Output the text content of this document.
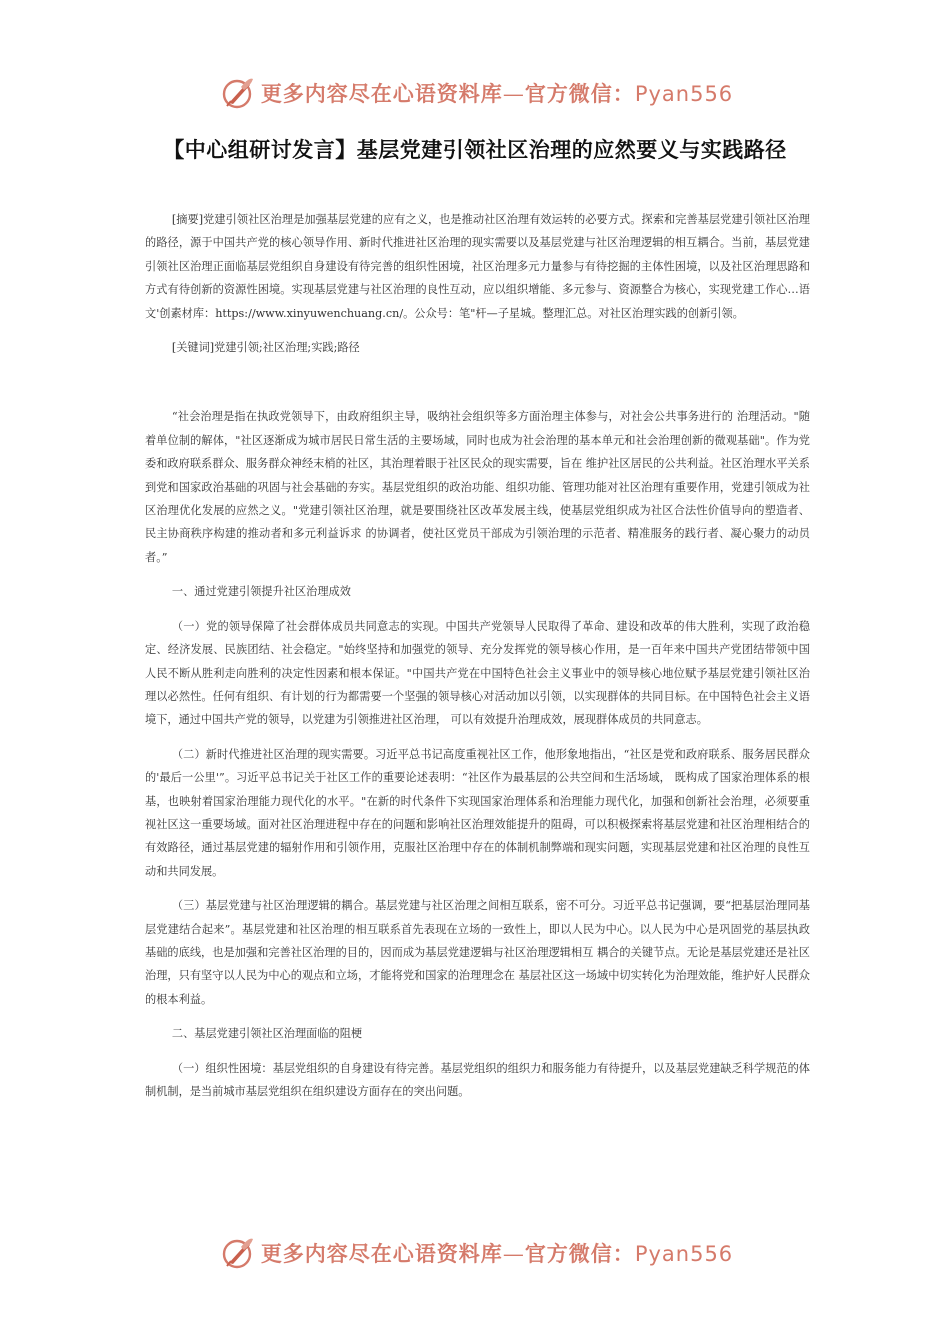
更多内容尽在心语资料库—官方微信：Pyan556
【中心组研讨发言】基层党建引领社区治理的应然要义与实践路径

[摘要]党建引领社区治理是加强基层党建的应有之义，也是推动社区治理有效运转的必要方式。探索和完善基层党建引领社区治理的路径，源于中国共产党的核心领导作用、新时代推进社区治理的现实需要以及基层党建与社区治理逻辑的相互耦合。当前，基层党建引领社区治理正面临基层党组织自身建设有待完善的组织性困境，社区治理多元力量参与有待挖掘的主体性困境，以及社区治理思路和方式有待创新的资源性困境。实现基层党建与社区治理的良性互动，应以组织增能、多元参与、资源整合为核心，实现党建工作心…语文'创素材库：https://www.xinyuwenchuang.cn/。公众号：笔"杆—子星城。整理汇总。对社区治理实践的创新引领。

[关键词]党建引领;社区治理;实践;路径

“社会治理是指在执政党领导下，由政府组织主导，吸纳社会组织等多方面治理主体参与，对社会公共事务进行的 治理活动。"随着单位制的解体，"社区逐渐成为城市居民日常生活的主要场域，同时也成为社会治理的基本单元和社会治理创新的微观基础"。作为党委和政府联系群众、服务群众神经末梢的社区，其治理着眼于社区民众的现实需要，旨在 维护社区居民的公共利益。社区治理水平关系到党和国家政治基础的巩固与社会基础的夯实。基层党组织的政治功能、组织功能、管理功能对社区治理有重要作用，党建引领成为社区治理优化发展的应然之义。"党建引领社区治理，就是要围绕社区改革发展主线，使基层党组织成为社区合法性价值导向的塑造者、民主协商秩序构建的推动者和多元利益诉求 的协调者，使社区党员干部成为引领治理的示范者、精准服务的践行者、凝心聚力的动员者。”

一、通过党建引领提升社区治理成效

（一）党的领导保障了社会群体成员共同意志的实现。中国共产党领导人民取得了革命、建设和改革的伟大胜利，实现了政治稳定、经济发展、民族团结、社会稳定。"始终坚持和加强党的领导、充分发挥党的领导核心作用，是一百年来中国共产党团结带领中国人民不断从胜利走向胜利的决定性因素和根本保证。"中国共产党在中国特色社会主义事业中的领导核心地位赋予基层党建引领社区治理以必然性。任何有组织、有计划的行为都需要一个坚强的领导核心对活动加以引领，以实现群体的共同目标。在中国特色社会主义语境下，通过中国共产党的领导，以党建为引领推进社区治理， 可以有效提升治理成效，展现群体成员的共同意志。

（二）新时代推进社区治理的现实需要。习近平总书记高度重视社区工作，他形象地指出，“社区是党和政府联系、服务居民群众的'最后一公里'”。习近平总书记关于社区工作的重要论述表明：“社区作为最基层的公共空间和生活场域， 既构成了国家治理体系的根基，也映射着国家治理能力现代化的水平。"在新的时代条件下实现国家治理体系和治理能力现代化，加强和创新社会治理，必须要重视社区这一重要场域。面对社区治理进程中存在的问题和影响社区治理效能提升的阻碍，可以积极探索将基层党建和社区治理相结合的有效路径，通过基层党建的辐射作用和引领作用，克服社区治理中存在的体制机制弊端和现实问题，实现基层党建和社区治理的良性互动和共同发展。

（三）基层党建与社区治理逻辑的耦合。基层党建与社区治理之间相互联系，密不可分。习近平总书记强调，要“把基层治理同基层党建结合起来”。基层党建和社区治理的相互联系首先表现在立场的一致性上，即以人民为中心。以人民为中心是巩固党的基层执政基础的底线，也是加强和完善社区治理的目的，因而成为基层党建逻辑与社区治理逻辑相互 耦合的关键节点。无论是基层党建还是社区治理，只有坚守以人民为中心的观点和立场，才能将党和国家的治理理念在 基层社区这一场域中切实转化为治理效能，维护好人民群众的根本利益。

二、基层党建引领社区治理面临的阻梗

（一）组织性困境：基层党组织的自身建设有待完善。基层党组织的组织力和服务能力有待提升，以及基层党建缺乏科学规范的体制机制，是当前城市基层党组织在组织建设方面存在的突出问题。

更多内容尽在心语资料库—官方微信：Pyan556
